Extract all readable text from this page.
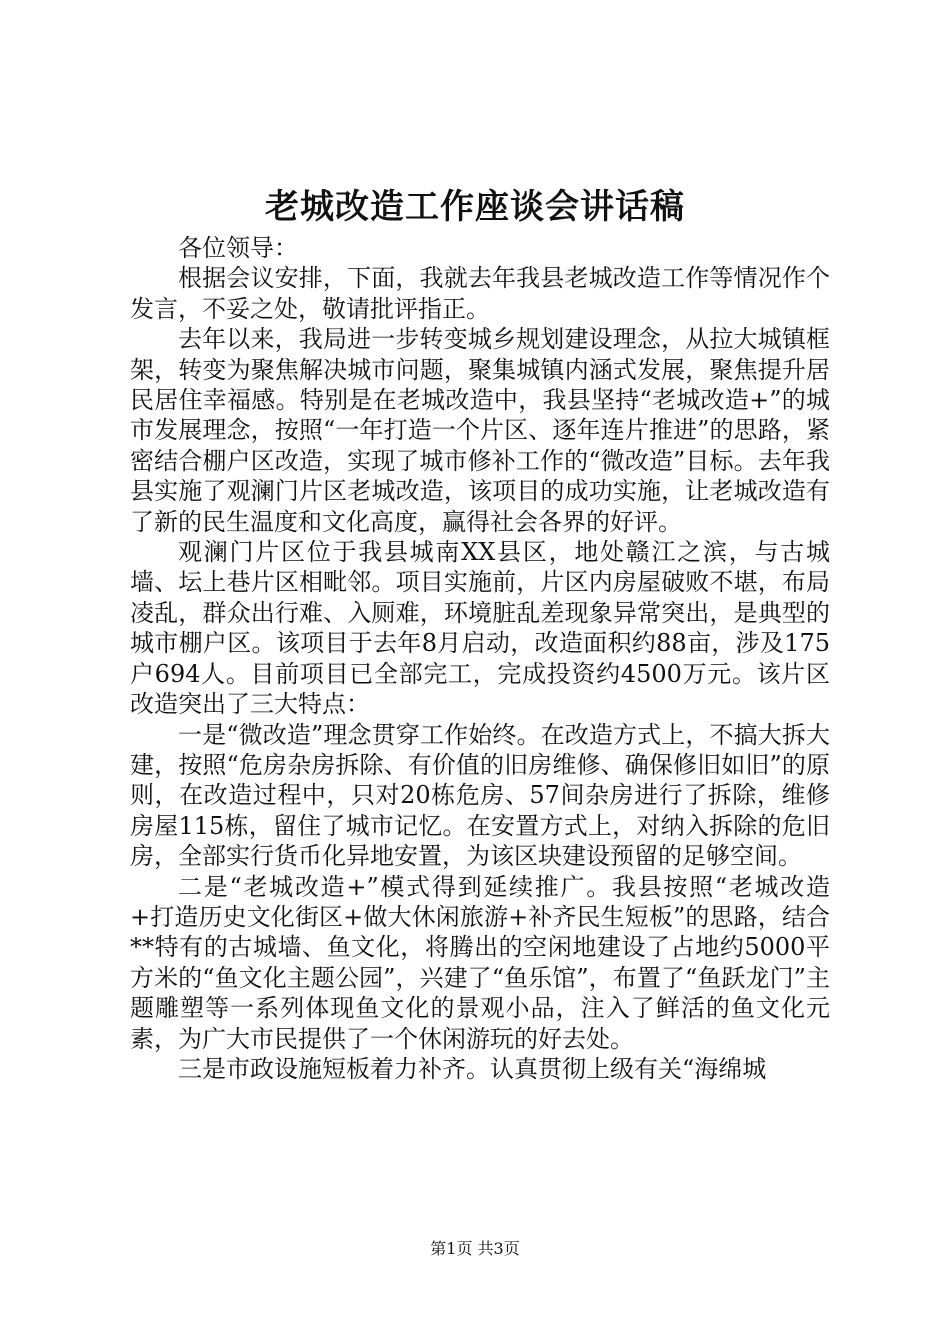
老城改造工作座谈会讲话稿

各位领导：

根据会议安排，下面，我就去年我县老城改造工作等情况作个发言，不妥之处，敬请批评指正。

去年以来，我局进一步转变城乡规划建设理念，从拉大城镇框架，转变为聚焦解决城市问题，聚集城镇内涵式发展，聚焦提升居民居住幸福感。特别是在老城改造中，我县坚持“老城改造+”的城市发展理念，按照“一年打造一个片区、逐年连片推进”的思路，紧密结合棚户区改造，实现了城市修补工作的“微改造”目标。去年我县实施了观澜门片区老城改造，该项目的成功实施，让老城改造有了新的民生温度和文化高度，赢得社会各界的好评。

观澜门片区位于我县城南XX县区，地处赣江之滨，与古城墙、坛上巷片区相毗邻。项目实施前，片区内房屋破败不堪，布局凌乱，群众出行难、入厕难，环境脏乱差现象异常突出，是典型的城市棚户区。该项目于去年8月启动，改造面积约88亩，涉及175户694人。目前项目已全部完工，完成投资约4500万元。该片区改造突出了三大特点：

一是“微改造”理念贯穿工作始终。在改造方式上，不搞大拆大建，按照“危房杂房拆除、有价值的旧房维修、确保修旧如旧”的原则，在改造过程中，只对20栋危房、57间杂房进行了拆除，维修房屋115栋，留住了城市记忆。在安置方式上，对纳入拆除的危旧房，全部实行货币化异地安置，为该区块建设预留的足够空间。

二是“老城改造+”模式得到延续推广。我县按照“老城改造+打造历史文化街区+做大休闲旅游+补齐民生短板”的思路，结合**特有的古城墙、鱼文化，将腾出的空闲地建设了占地约5000平方米的“鱼文化主题公园”，兴建了“鱼乐馆”，布置了“鱼跃龙门”主题雕塑等一系列体现鱼文化的景观小品，注入了鲜活的鱼文化元素，为广大市民提供了一个休闲游玩的好去处。

三是市政设施短板着力补齐。认真贯彻上级有关“海绵城

第1页 共3页
